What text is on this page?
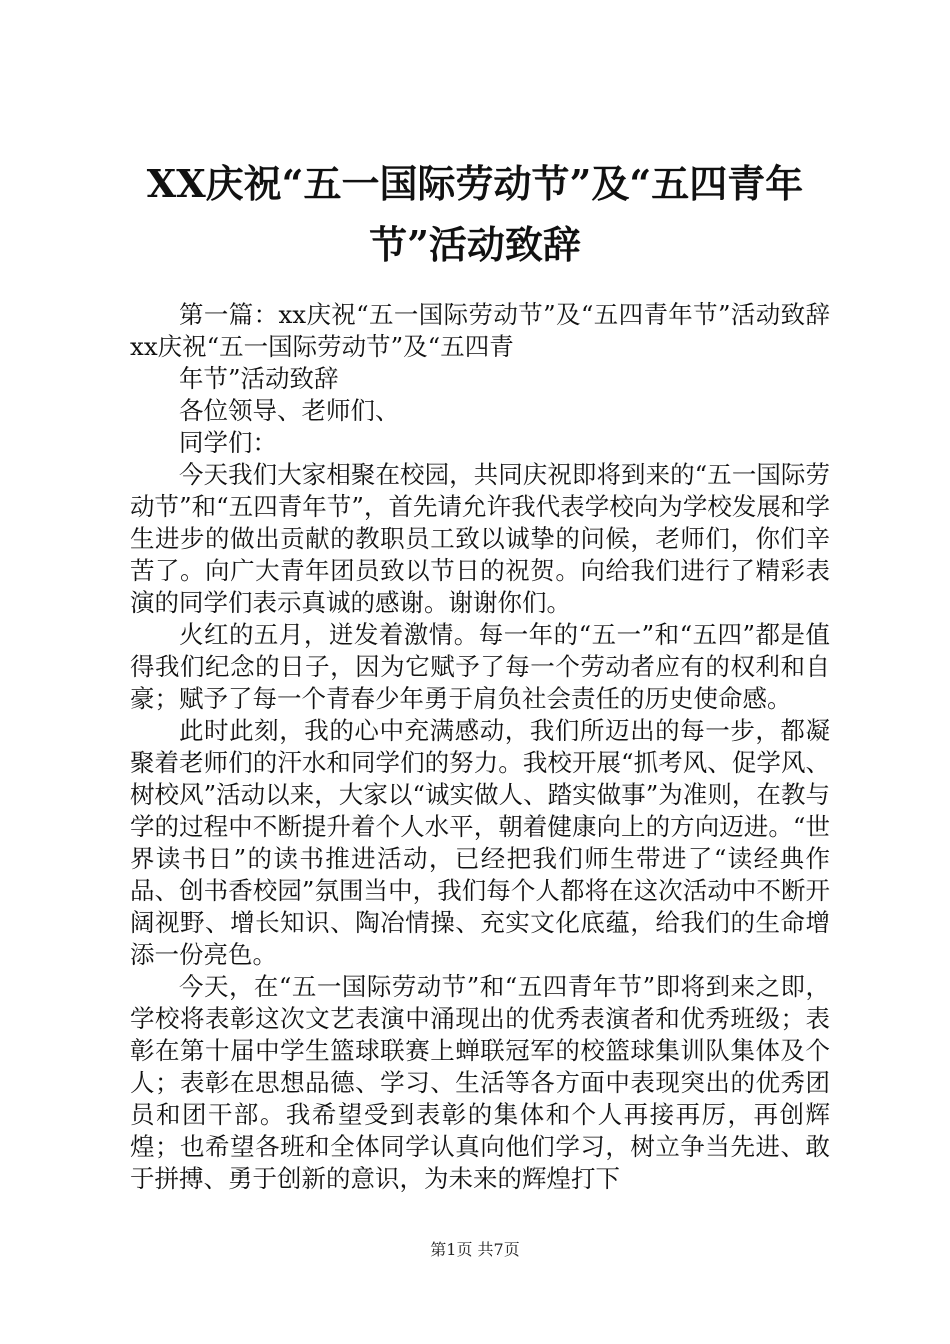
XX庆祝“五一国际劳动节”及“五四青年
节”活动致辞

第一篇：xx庆祝“五一国际劳动节”及“五四青年节”活动致辞xx庆祝“五一国际劳动节”及“五四青

年节”活动致辞

各位领导、老师们、

同学们：

今天我们大家相聚在校园，共同庆祝即将到来的“五一国际劳动节”和“五四青年节”，首先请允许我代表学校向为学校发展和学生进步的做出贡献的教职员工致以诚挚的问候，老师们，你们辛苦了。向广大青年团员致以节日的祝贺。向给我们进行了精彩表演的同学们表示真诚的感谢。谢谢你们。

火红的五月，迸发着激情。每一年的“五一”和“五四”都是值得我们纪念的日子，因为它赋予了每一个劳动者应有的权利和自豪；赋予了每一个青春少年勇于肩负社会责任的历史使命感。

此时此刻，我的心中充满感动，我们所迈出的每一步，都凝聚着老师们的汗水和同学们的努力。我校开展“抓考风、促学风、树校风”活动以来，大家以“诚实做人、踏实做事”为准则，在教与学的过程中不断提升着个人水平，朝着健康向上的方向迈进。“世界读书日”的读书推进活动，已经把我们师生带进了“读经典作品、创书香校园”氛围当中，我们每个人都将在这次活动中不断开阔视野、增长知识、陶冶情操、充实文化底蕴，给我们的生命增添一份亮色。

今天，在“五一国际劳动节”和“五四青年节”即将到来之即，学校将表彰这次文艺表演中涌现出的优秀表演者和优秀班级；表彰在第十届中学生篮球联赛上蝉联冠军的校篮球集训队集体及个人；表彰在思想品德、学习、生活等各方面中表现突出的优秀团员和团干部。我希望受到表彰的集体和个人再接再厉，再创辉煌；也希望各班和全体同学认真向他们学习，树立争当先进、敢于拼搏、勇于创新的意识，为未来的辉煌打下

第1页 共7页
